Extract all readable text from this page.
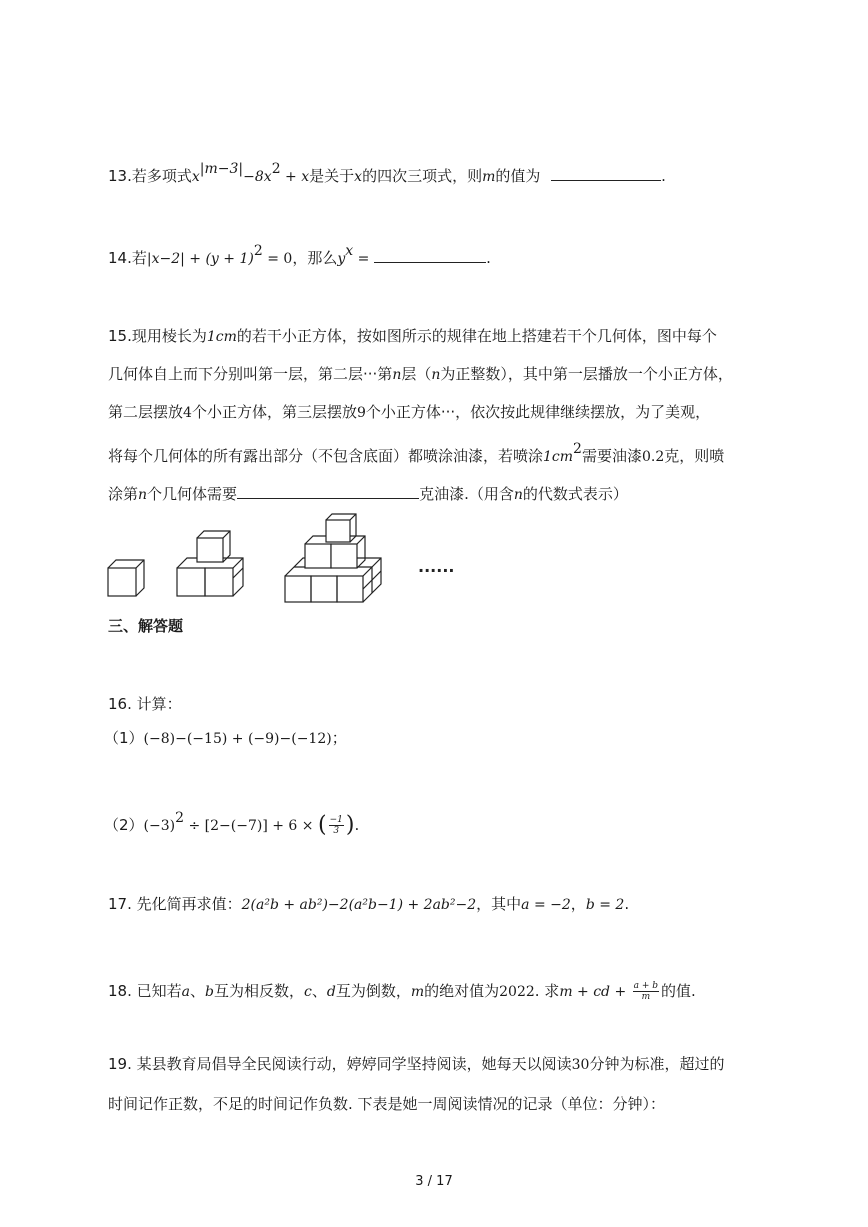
13.若多项式$x^{|m-3|}-8x^2 + x$是关于x的四次三项式，则m的值为	.
14.若$|x-2| + (y + 1)^2 = 0$，那么$y^x$ =	.
15.现用棱长为1cm的若干小正方体，按如图所示的规律在地上搭建若干个几何体，图中每个
几何体自上而下分别叫第一层，第二层···第n层（n为正整数），其中第一层播放一个小正方体，
第二层摆放4个小正方体，第三层摆放9个小正方体···，依次按此规律继续摆放，为了美观，
将每个几何体的所有露出部分（不包含底面）都喷涂油漆，若喷涂$1cm^2$需要油漆0.2克，则喷
涂第n个几何体需要	克油漆.（用含n的代数式表示）
······
三、解答题
16. 计算：
（1）(−8)−(−15) + (−9)−(−12)；
$(2)(-3)^2 \div [2-(-7)] + 6$ × ( $\frac{-1}{3}$ ).
17. 先化简再求值：2(a²b + ab²)−2(a²b−1) + 2ab²−2，其中a = −2，b = 2.
18. 已知若a、b互为相反数，c、d互为倒数，m的绝对值为2022. 求m + cd + $\frac{a + b}{m}$ 的值.
19. 某县教育局倡导全民阅读行动，婷婷同学坚持阅读，她每天以阅读30分钟为标准，超过的
时间记作正数，不足的时间记作负数. 下表是她一周阅读情况的记录（单位：分钟）：
3 / 17
